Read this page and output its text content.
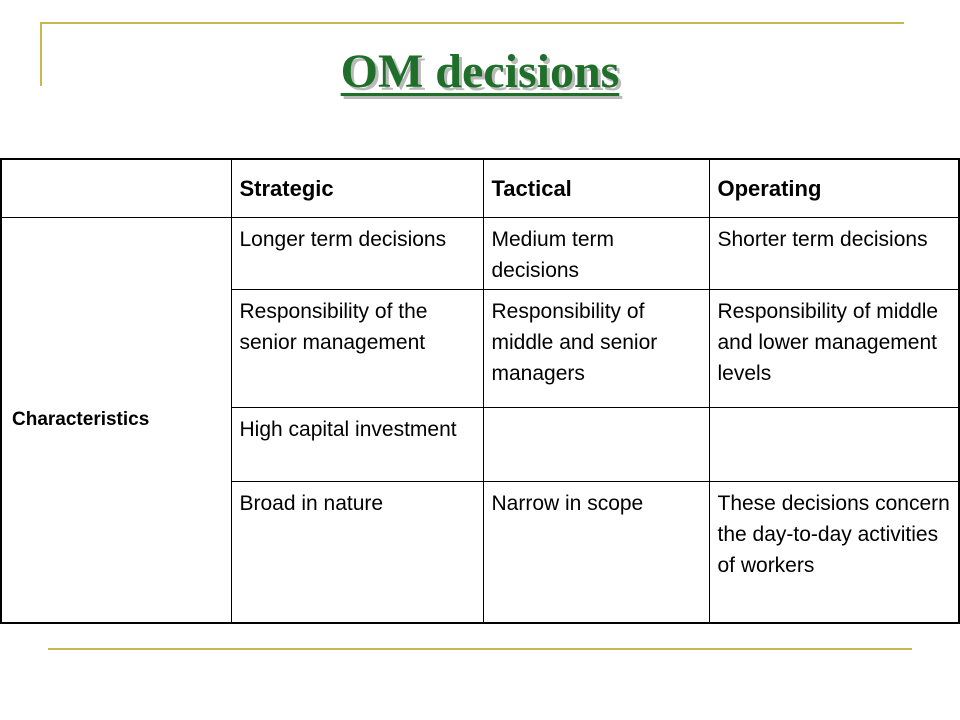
OM decisions
	Strategic	Tactical	Operating
Characteristics	Longer term decisions	Medium term decisions	Shorter term decisions
	Responsibility of the senior management	Responsibility of middle and senior managers	Responsibility of middle and lower management levels
	High capital investment		
	Broad in nature	Narrow in scope	These decisions concern the day-to-day activities of workers
